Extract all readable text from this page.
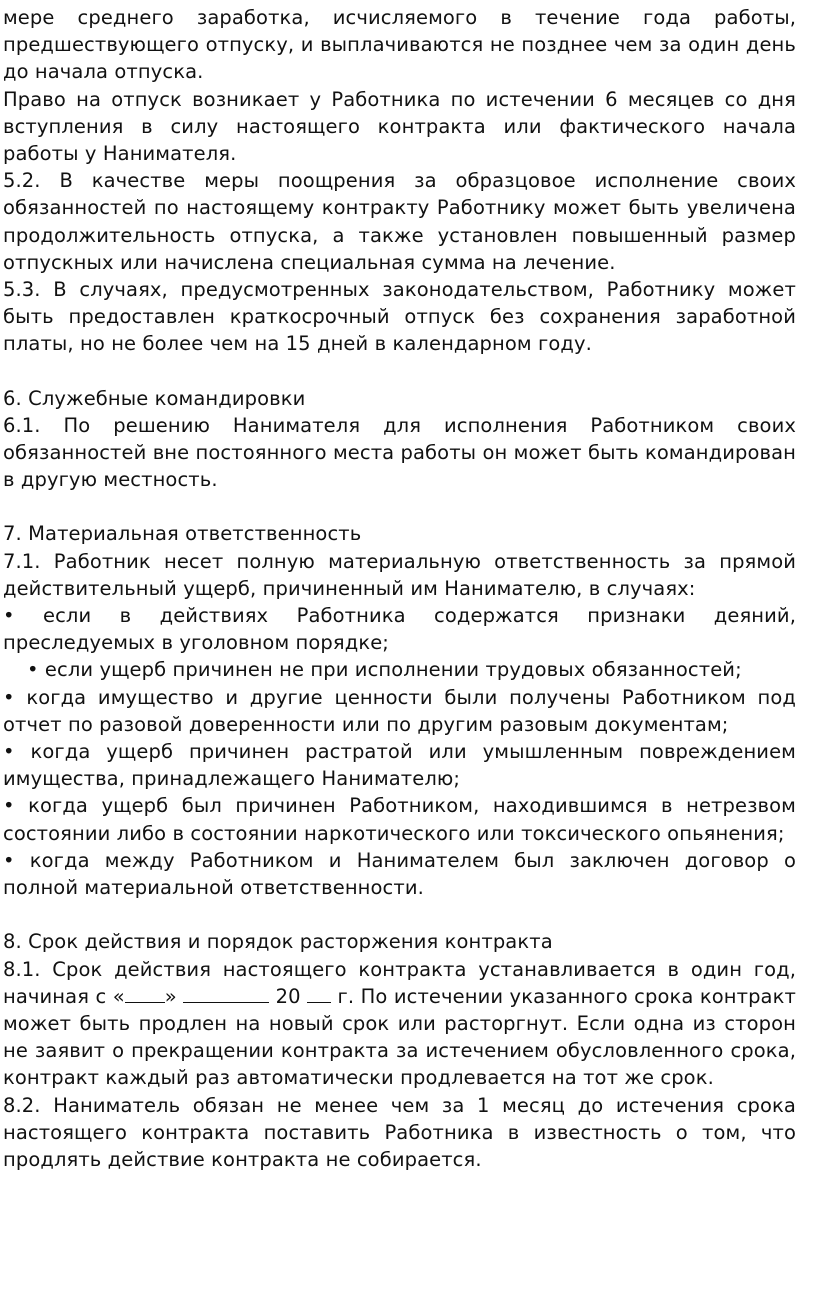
мере среднего заработка, исчисляемого в течение года работы, предшествующего отпуску, и выплачиваются не позднее чем за один день до начала отпуска.

Право на отпуск возникает у Работника по истечении 6 месяцев со дня вступления в силу настоящего контракта или фактического начала работы у Нанимателя.

5.2. В качестве меры поощрения за образцовое исполнение своих обязанностей по настоящему контракту Работнику может быть увеличена продолжительность отпуска, а также установлен повышенный размер отпускных или начислена специальная сумма на лечение.

5.3. В случаях, предусмотренных законодательством, Работнику может быть предоставлен краткосрочный отпуск без сохранения заработной платы, но не более чем на 15 дней в календарном году.

6. Служебные командировки

6.1. По решению Нанимателя для исполнения Работником своих обязанностей вне постоянного места работы он может быть командирован в другую местность.

7. Материальная ответственность

7.1. Работник несет полную материальную ответственность за прямой действительный ущерб, причиненный им Нанимателю, в случаях:

• если в действиях Работника содержатся признаки деяний, преследуемых в уголовном порядке;

• если ущерб причинен не при исполнении трудовых обязанностей;

• когда имущество и другие ценности были получены Работником под отчет по разовой доверенности или по другим разовым документам;

• когда ущерб причинен растратой или умышленным повреждением имущества, принадлежащего Нанимателю;

• когда ущерб был причинен Работником, находившимся в нетрезвом состоянии либо в состоянии наркотического или токсического опьянения;

• когда между Работником и Нанимателем был заключен договор о полной материальной ответственности.

8. Срок действия и порядок расторжения контракта

8.1. Срок действия настоящего контракта устанавливается в один год, начиная с « »	20 г. По истечении указанного срока контракт может быть продлен на новый срок или расторгнут. Если одна из сторон не заявит о прекращении контракта за истечением обусловленного срока, контракт каждый раз автоматически продлевается на тот же срок.

8.2. Наниматель обязан не менее чем за 1 месяц до истечения срока настоящего контракта поставить Работника в известность о том, что продлять действие контракта не собирается.
